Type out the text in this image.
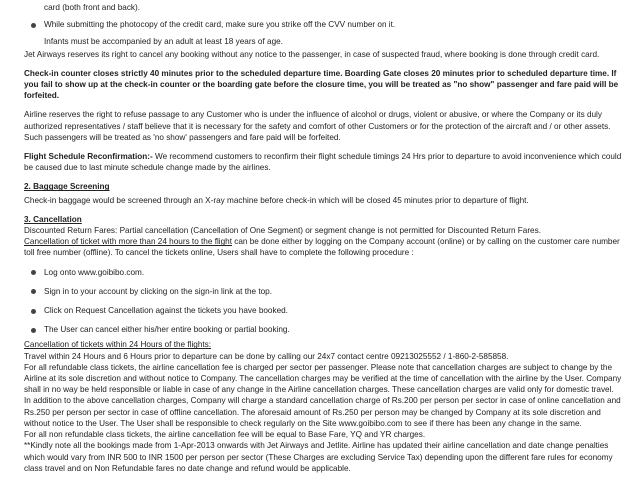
card (both front and back).

While submitting the photocopy of the credit card, make sure you strike off the CVV number on it.

Infants must be accompanied by an adult at least 18 years of age.

Jet Airways reserves its right to cancel any booking without any notice to the passenger, in case of suspected fraud, where booking is done through credit card.

Check-in counter closes strictly 40 minutes prior to the scheduled departure time. Boarding Gate closes 20 minutes prior to scheduled departure time. If you fail to show up at the check-in counter or the boarding gate before the closure time, you will be treated as "no show" passenger and fare paid will be forfeited.

Airline reserves the right to refuse passage to any Customer who is under the influence of alcohol or drugs, violent or abusive, or where the Company or its duly authorized representatives / staff believe that it is necessary for the safety and comfort of other Customers or for the protection of the aircraft and / or other assets. Such passengers will be treated as 'no show' passengers and fare paid will be forfeited.

Flight Schedule Reconfirmation:- We recommend customers to reconfirm their flight schedule timings 24 Hrs prior to departure to avoid inconvenience which could be caused due to last minute schedule change made by the airlines.

2. Baggage Screening

Check-in baggage would be screened through an X-ray machine before check-in which will be closed 45 minutes prior to departure of flight.

3. Cancellation

Discounted Return Fares: Partial cancellation (Cancellation of One Segment) or segment change is not permitted for Discounted Return Fares.

Cancellation of ticket with more than 24 hours to the flight can be done either by logging on the Company account (online) or by calling on the customer care number toll free number (offline). To cancel the tickets online, Users shall have to complete the following procedure :

Log onto www.goibibo.com.

Sign in to your account by clicking on the sign-in link at the top.

Click on Request Cancellation against the tickets you have booked.

The User can cancel either his/her entire booking or partial booking.

Cancellation of tickets within 24 Hours of the flights:

Travel within 24 Hours and 6 Hours prior to departure can be done by calling our 24x7 contact centre 09213025552 / 1-860-2-585858.

For all refundable class tickets, the airline cancellation fee is charged per sector per passenger. Please note that cancellation charges are subject to change by the Airline at its sole discretion and without notice to Company. The cancellation charges may be verified at the time of cancellation with the airline by the User. Company shall in no way be held responsible or liable in case of any change in the Airline cancellation charges. These cancellation charges are valid only for domestic travel.

In addition to the above cancellation charges, Company will charge a standard cancellation charge of Rs.200 per person per sector in case of online cancellation and Rs.250 per person per sector in case of offline cancellation. The aforesaid amount of Rs.250 per person may be changed by Company at its sole discretion and without notice to the User. The User shall be responsible to check regularly on the Site www.goibibo.com to see if there has been any change in the same.

For all non refundable class tickets, the airline cancellation fee will be equal to Base Fare, YQ and YR charges.

**Kindly note all the bookings made from 1-Apr-2013 onwards with Jet Airways and Jetlite. Airline has updated their airline cancellation and date change penalties which would vary from INR 500 to INR 1500 per person per sector (These Charges are excluding Service Tax) depending upon the different fare rules for economy class travel and on Non Refundable fares no date change and refund would be applicable.
